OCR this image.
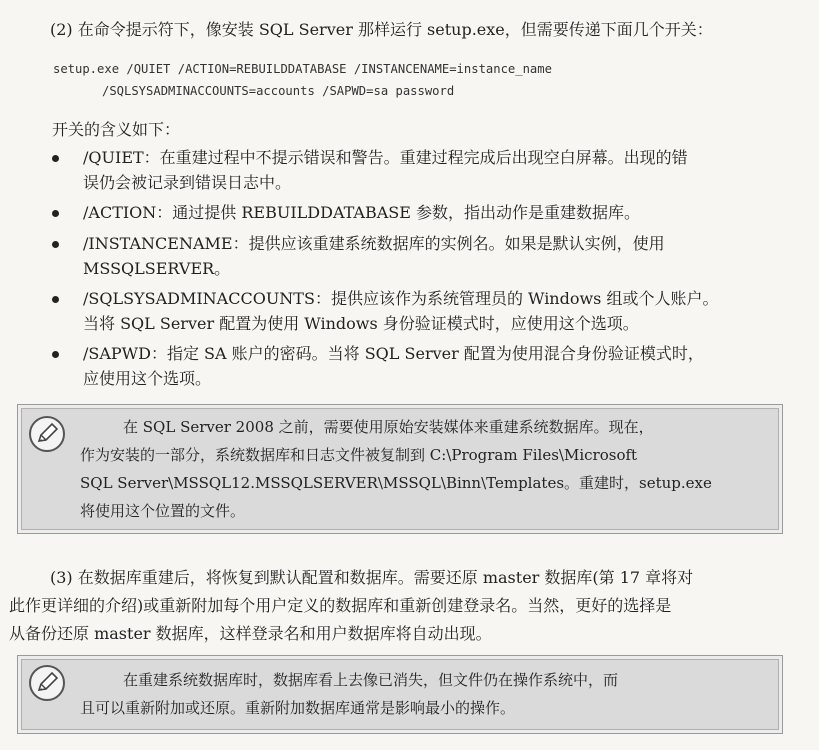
(2) 在命令提示符下，像安装 SQL Server 那样运行 setup.exe，但需要传递下面几个开关：
setup.exe /QUIET /ACTION=REBUILDDATABASE /INSTANCENAME=instance_name
/SQLSYSADMINACCOUNTS=accounts /SAPWD=sa password
开关的含义如下：
/QUIET：在重建过程中不提示错误和警告。重建过程完成后出现空白屏幕。出现的错
误仍会被记录到错误日志中。
/ACTION：通过提供 REBUILDDATABASE 参数，指出动作是重建数据库。
/INSTANCENAME：提供应该重建系统数据库的实例名。如果是默认实例，使用
MSSQLSERVER。
/SQLSYSADMINACCOUNTS：提供应该作为系统管理员的 Windows 组或个人账户。
当将 SQL Server 配置为使用 Windows 身份验证模式时，应使用这个选项。
/SAPWD：指定 SA 账户的密码。当将 SQL Server 配置为使用混合身份验证模式时，
应使用这个选项。
在 SQL Server 2008 之前，需要使用原始安装媒体来重建系统数据库。现在，
作为安装的一部分，系统数据库和日志文件被复制到 C:\Program Files\Microsoft
SQL Server\MSSQL12.MSSQLSERVER\MSSQL\Binn\Templates。重建时，setup.exe
将使用这个位置的文件。
(3) 在数据库重建后，将恢复到默认配置和数据库。需要还原 master 数据库(第 17 章将对
此作更详细的介绍)或重新附加每个用户定义的数据库和重新创建登录名。当然，更好的选择是
从备份还原 master 数据库，这样登录名和用户数据库将自动出现。
在重建系统数据库时，数据库看上去像已消失，但文件仍在操作系统中，而
且可以重新附加或还原。重新附加数据库通常是影响最小的操作。
